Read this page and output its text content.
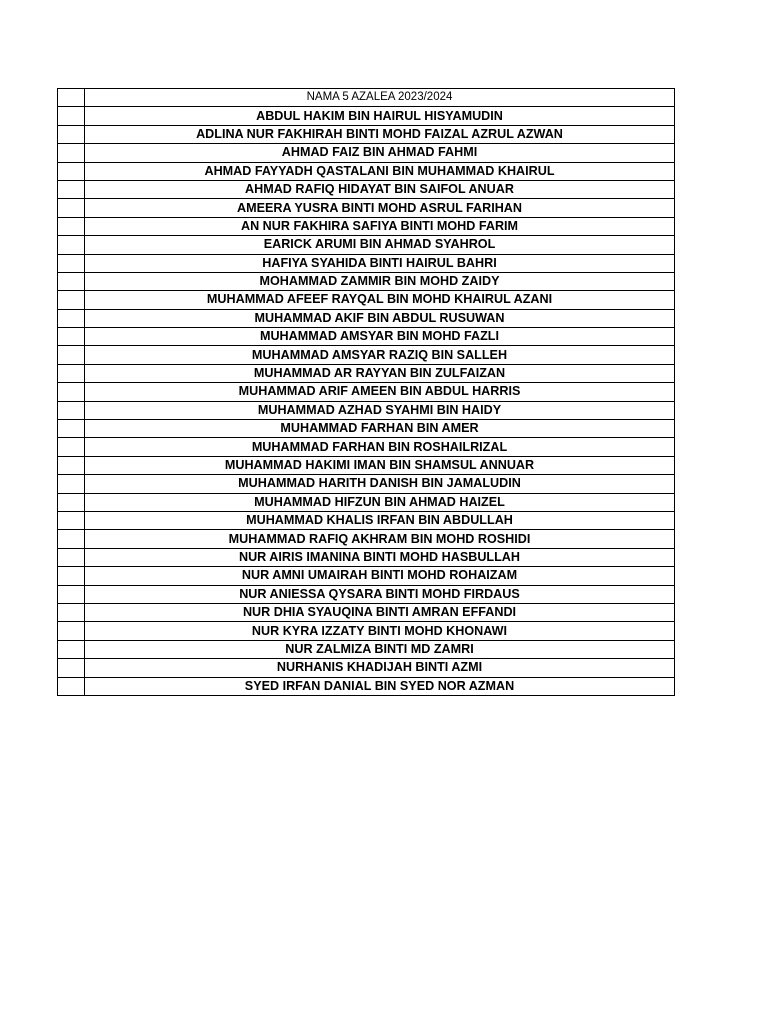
	NAMA 5 AZALEA 2023/2024
	ABDUL HAKIM BIN HAIRUL HISYAMUDIN
	ADLINA NUR FAKHIRAH BINTI MOHD FAIZAL AZRUL AZWAN
	AHMAD FAIZ BIN AHMAD FAHMI
	AHMAD FAYYADH QASTALANI BIN MUHAMMAD KHAIRUL
	AHMAD RAFIQ HIDAYAT BIN SAIFOL ANUAR
	AMEERA YUSRA BINTI MOHD ASRUL FARIHAN
	AN NUR FAKHIRA SAFIYA BINTI MOHD FARIM
	EARICK ARUMI BIN AHMAD SYAHROL
	HAFIYA SYAHIDA BINTI HAIRUL BAHRI
	MOHAMMAD ZAMMIR BIN MOHD ZAIDY
	MUHAMMAD AFEEF RAYQAL BIN MOHD KHAIRUL AZANI
	MUHAMMAD AKIF BIN ABDUL RUSUWAN
	MUHAMMAD AMSYAR BIN MOHD FAZLI
	MUHAMMAD AMSYAR RAZIQ BIN SALLEH
	MUHAMMAD AR RAYYAN BIN ZULFAIZAN
	MUHAMMAD ARIF AMEEN BIN ABDUL HARRIS
	MUHAMMAD AZHAD SYAHMI BIN HAIDY
	MUHAMMAD FARHAN BIN AMER
	MUHAMMAD FARHAN BIN ROSHAILRIZAL
	MUHAMMAD HAKIMI IMAN BIN SHAMSUL ANNUAR
	MUHAMMAD HARITH DANISH BIN JAMALUDIN
	MUHAMMAD HIFZUN BIN AHMAD HAIZEL
	MUHAMMAD KHALIS IRFAN BIN ABDULLAH
	MUHAMMAD RAFIQ AKHRAM BIN MOHD ROSHIDI
	NUR AIRIS IMANINA BINTI MOHD HASBULLAH
	NUR AMNI UMAIRAH BINTI MOHD ROHAIZAM
	NUR ANIESSA QYSARA BINTI MOHD FIRDAUS
	NUR DHIA SYAUQINA BINTI AMRAN EFFANDI
	NUR KYRA IZZATY BINTI MOHD KHONAWI
	NUR ZALMIZA BINTI MD ZAMRI
	NURHANIS KHADIJAH BINTI AZMI
	SYED IRFAN DANIAL BIN SYED NOR AZMAN
